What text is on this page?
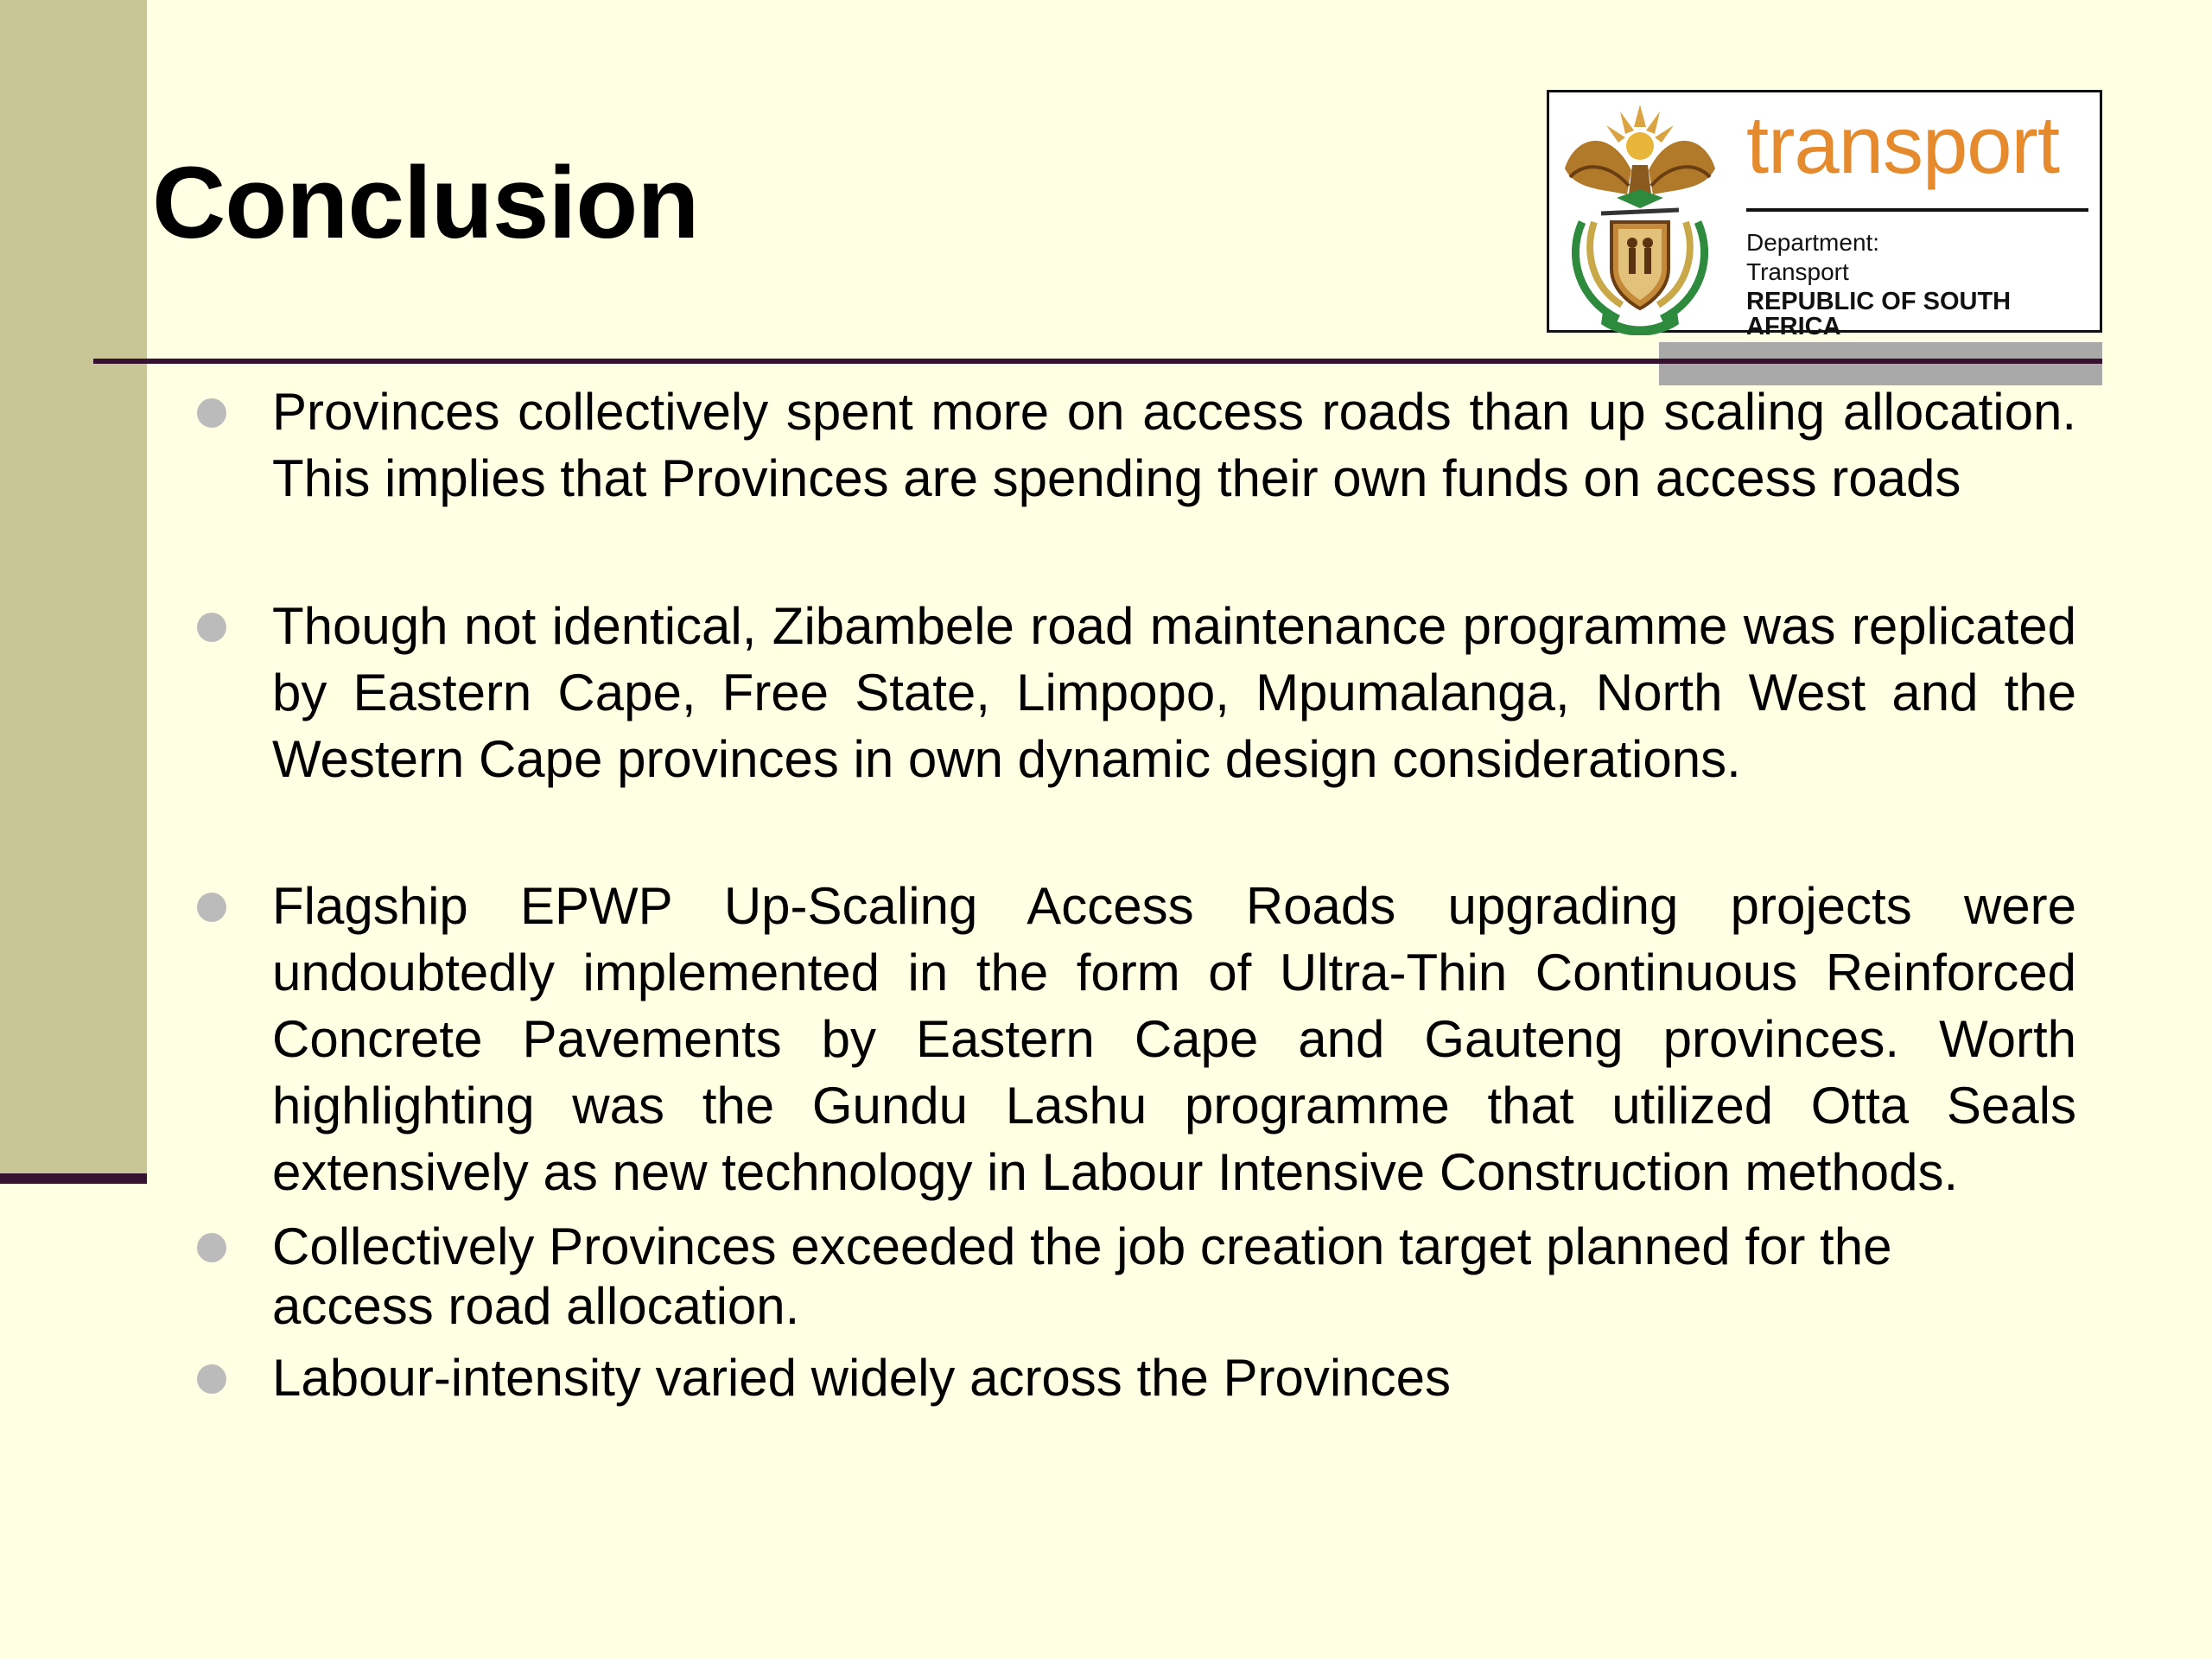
Conclusion
transport
Department:
Transport
REPUBLIC OF SOUTH AFRICA

Provinces collectively spent more on access roads than up scaling allocation. This implies that Provinces are spending their own funds on access roads

Though not identical, Zibambele road maintenance programme was replicated by Eastern Cape, Free State, Limpopo, Mpumalanga, North West and the Western Cape provinces in own dynamic design considerations.

Flagship EPWP Up-Scaling Access Roads upgrading projects were undoubtedly implemented in the form of Ultra-Thin Continuous Reinforced Concrete Pavements by Eastern Cape and Gauteng provinces. Worth highlighting was the Gundu Lashu programme that utilized Otta Seals extensively as new technology in Labour Intensive Construction methods.

Collectively Provinces exceeded the job creation target planned for the access road allocation.

Labour-intensity varied widely across the Provinces
